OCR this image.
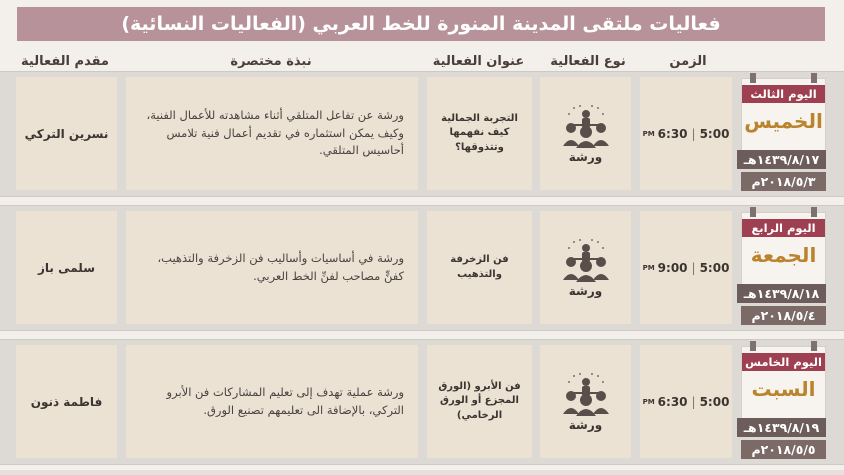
فعاليات ملتقى المدينة المنورة للخط العربي (الفعاليات النسائية)
الزمن
نوع الفعالية
عنوان الفعالية
نبذة مختصرة
مقدم الفعالية
نسرين التركي
ورشة عن تفاعل المتلقي أثناء مشاهدته للأعمال الفنية، وكيف يمكن استثماره في تقديم أعمال فنية تلامس أحاسيس المتلقي.
التجربة الجمالية كيف نفهمها وتتذوقها؟
ورشة
5:00
|
6:30
PM
اليوم الثالث
الخميس
١٤٣٩/٨/١٧هـ
٢٠١٨/٥/٣م
سلمى باز
ورشة في أساسيات وأساليب فن الزخرفة والتذهيب، كفنٍّ مصاحب لفنِّ الخط العربي.
فن الزخرفة والتذهيب
ورشة
5:00
|
9:00
PM
اليوم الرابع
الجمعة
١٤٣٩/٨/١٨هـ
٢٠١٨/٥/٤م
فاطمة ذنون
ورشة عملية تهدف إلى تعليم المشاركات فن الأبرو التركي، بالإضافة الى تعليمهم تصنيع الورق.
فن الأبرو (الورق المجزع أو الورق الرخامي)
ورشة
5:00
|
6:30
PM
اليوم الخامس
السبت
١٤٣٩/٨/١٩هـ
٢٠١٨/٥/٥م
